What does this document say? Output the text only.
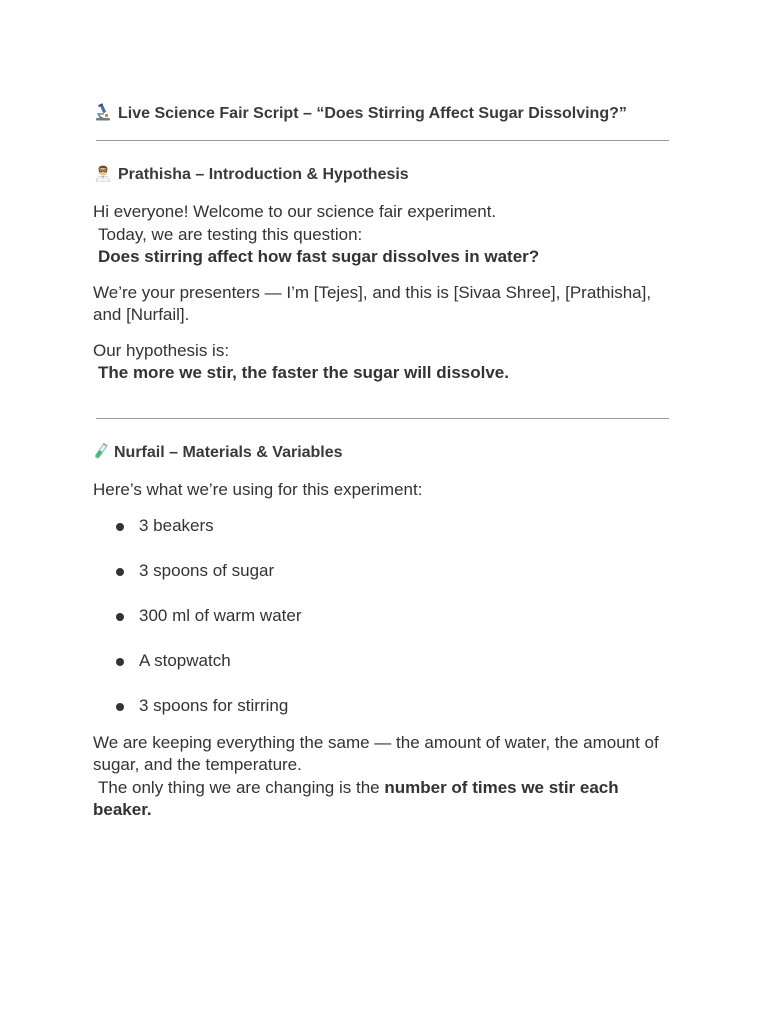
Live Science Fair Script – “Does Stirring Affect Sugar Dissolving?”
Prathisha – Introduction & Hypothesis

Hi everyone! Welcome to our science fair experiment.
Today, we are testing this question:
Does stirring affect how fast sugar dissolves in water?

We’re your presenters — I’m [Tejes], and this is [Sivaa Shree], [Prathisha], and [Nurfail].

Our hypothesis is:
The more we stir, the faster the sugar will dissolve.

Nurfail – Materials & Variables

Here’s what we’re using for this experiment:

3 beakers
3 spoons of sugar
300 ml of warm water
A stopwatch
3 spoons for stirring

We are keeping everything the same — the amount of water, the amount of sugar, and the temperature.
The only thing we are changing is the number of times we stir each beaker.
